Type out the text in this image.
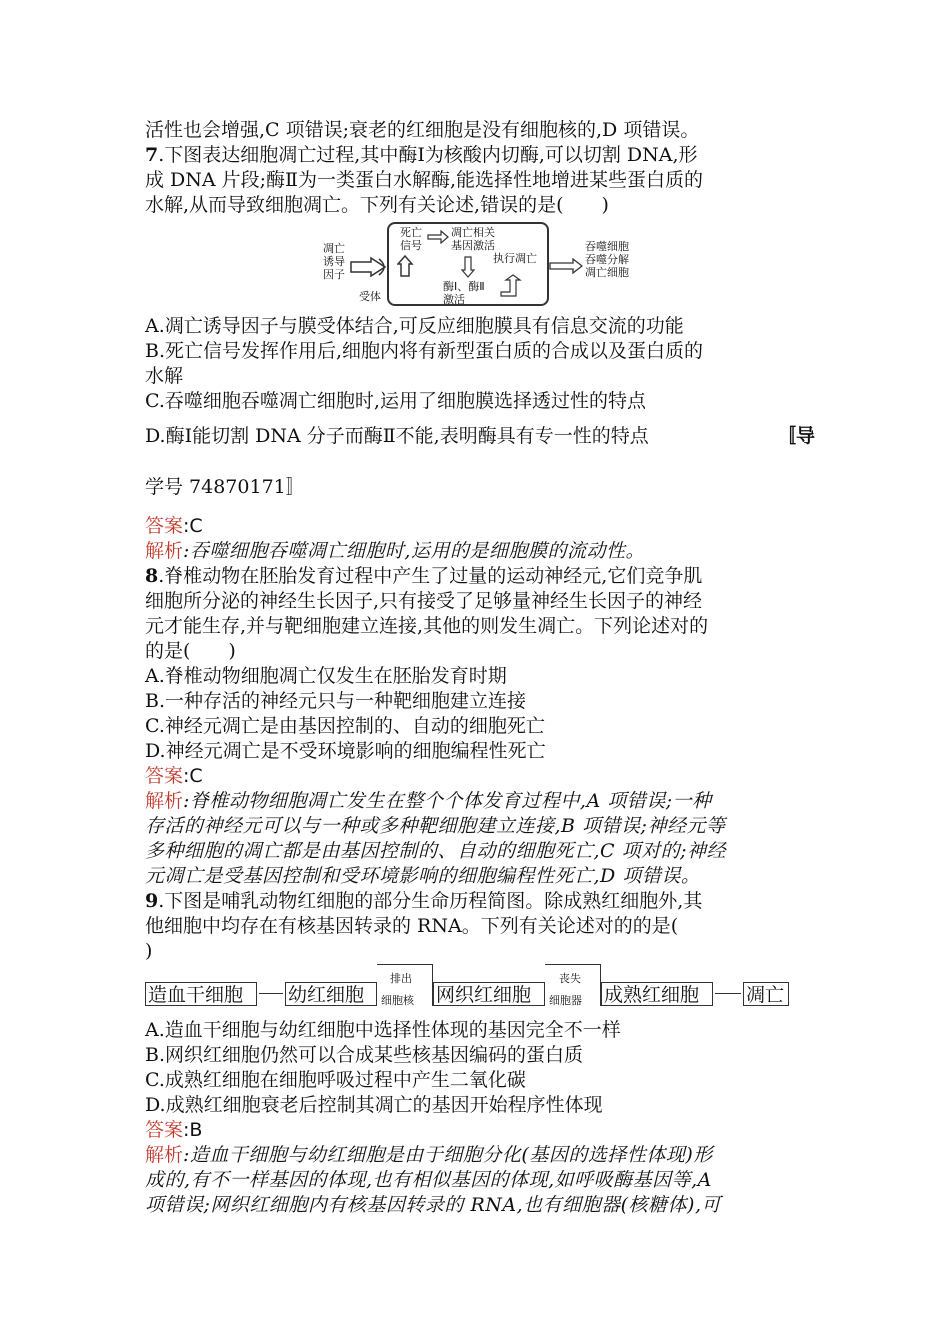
活性也会增强,C 项错误;衰老的红细胞是没有细胞核的,D 项错误。
7.下图表达细胞凋亡过程,其中酶Ⅰ为核酸内切酶,可以切割 DNA,形
成 DNA 片段;酶Ⅱ为一类蛋白水解酶,能选择性地增进某些蛋白质的
水解,从而导致细胞凋亡。下列有关论述,错误的是(　　)
凋亡
诱导
因子
受体
死亡
信号
凋亡相关
基因激活
酶Ⅰ、酶Ⅱ
激活
执行凋亡
吞噬细胞
吞噬分解
凋亡细胞
A.凋亡诱导因子与膜受体结合,可反应细胞膜具有信息交流的功能
B.死亡信号发挥作用后,细胞内将有新型蛋白质的合成以及蛋白质的
水解
C.吞噬细胞吞噬凋亡细胞时,运用了细胞膜选择透过性的特点
D.酶Ⅰ能切割 DNA 分子而酶Ⅱ不能,表明酶具有专一性的特点	〚导
学号 74870171〛
答案:C
解析:吞噬细胞吞噬凋亡细胞时,运用的是细胞膜的流动性。
8.脊椎动物在胚胎发育过程中产生了过量的运动神经元,它们竞争肌
细胞所分泌的神经生长因子,只有接受了足够量神经生长因子的神经
元才能生存,并与靶细胞建立连接,其他的则发生凋亡。下列论述对的
的是(　　)
A.脊椎动物细胞凋亡仅发生在胚胎发育时期
B.一种存活的神经元只与一种靶细胞建立连接
C.神经元凋亡是由基因控制的、自动的细胞死亡
D.神经元凋亡是不受环境影响的细胞编程性死亡
答案:C
解析:脊椎动物细胞凋亡发生在整个个体发育过程中,A 项错误;一种
存活的神经元可以与一种或多种靶细胞建立连接,B 项错误;神经元等
多种细胞的凋亡都是由基因控制的、自动的细胞死亡,C 项对的;神经
元凋亡是受基因控制和受环境影响的细胞编程性死亡,D 项错误。
9.下图是哺乳动物红细胞的部分生命历程简图。除成熟红细胞外,其
他细胞中均存在有核基因转录的 RNA。下列有关论述对的的是(
)
造血干细胞	幼红细胞
排出
细胞核 网织红细胞
丧失
细胞器 成熟红细胞	凋亡
A.造血干细胞与幼红细胞中选择性体现的基因完全不一样
B.网织红细胞仍然可以合成某些核基因编码的蛋白质
C.成熟红细胞在细胞呼吸过程中产生二氧化碳
D.成熟红细胞衰老后控制其凋亡的基因开始程序性体现
答案:B
解析:造血干细胞与幼红细胞是由于细胞分化(基因的选择性体现)形
成的,有不一样基因的体现,也有相似基因的体现,如呼吸酶基因等,A
项错误;网织红细胞内有核基因转录的 RNA,也有细胞器(核糖体),可
